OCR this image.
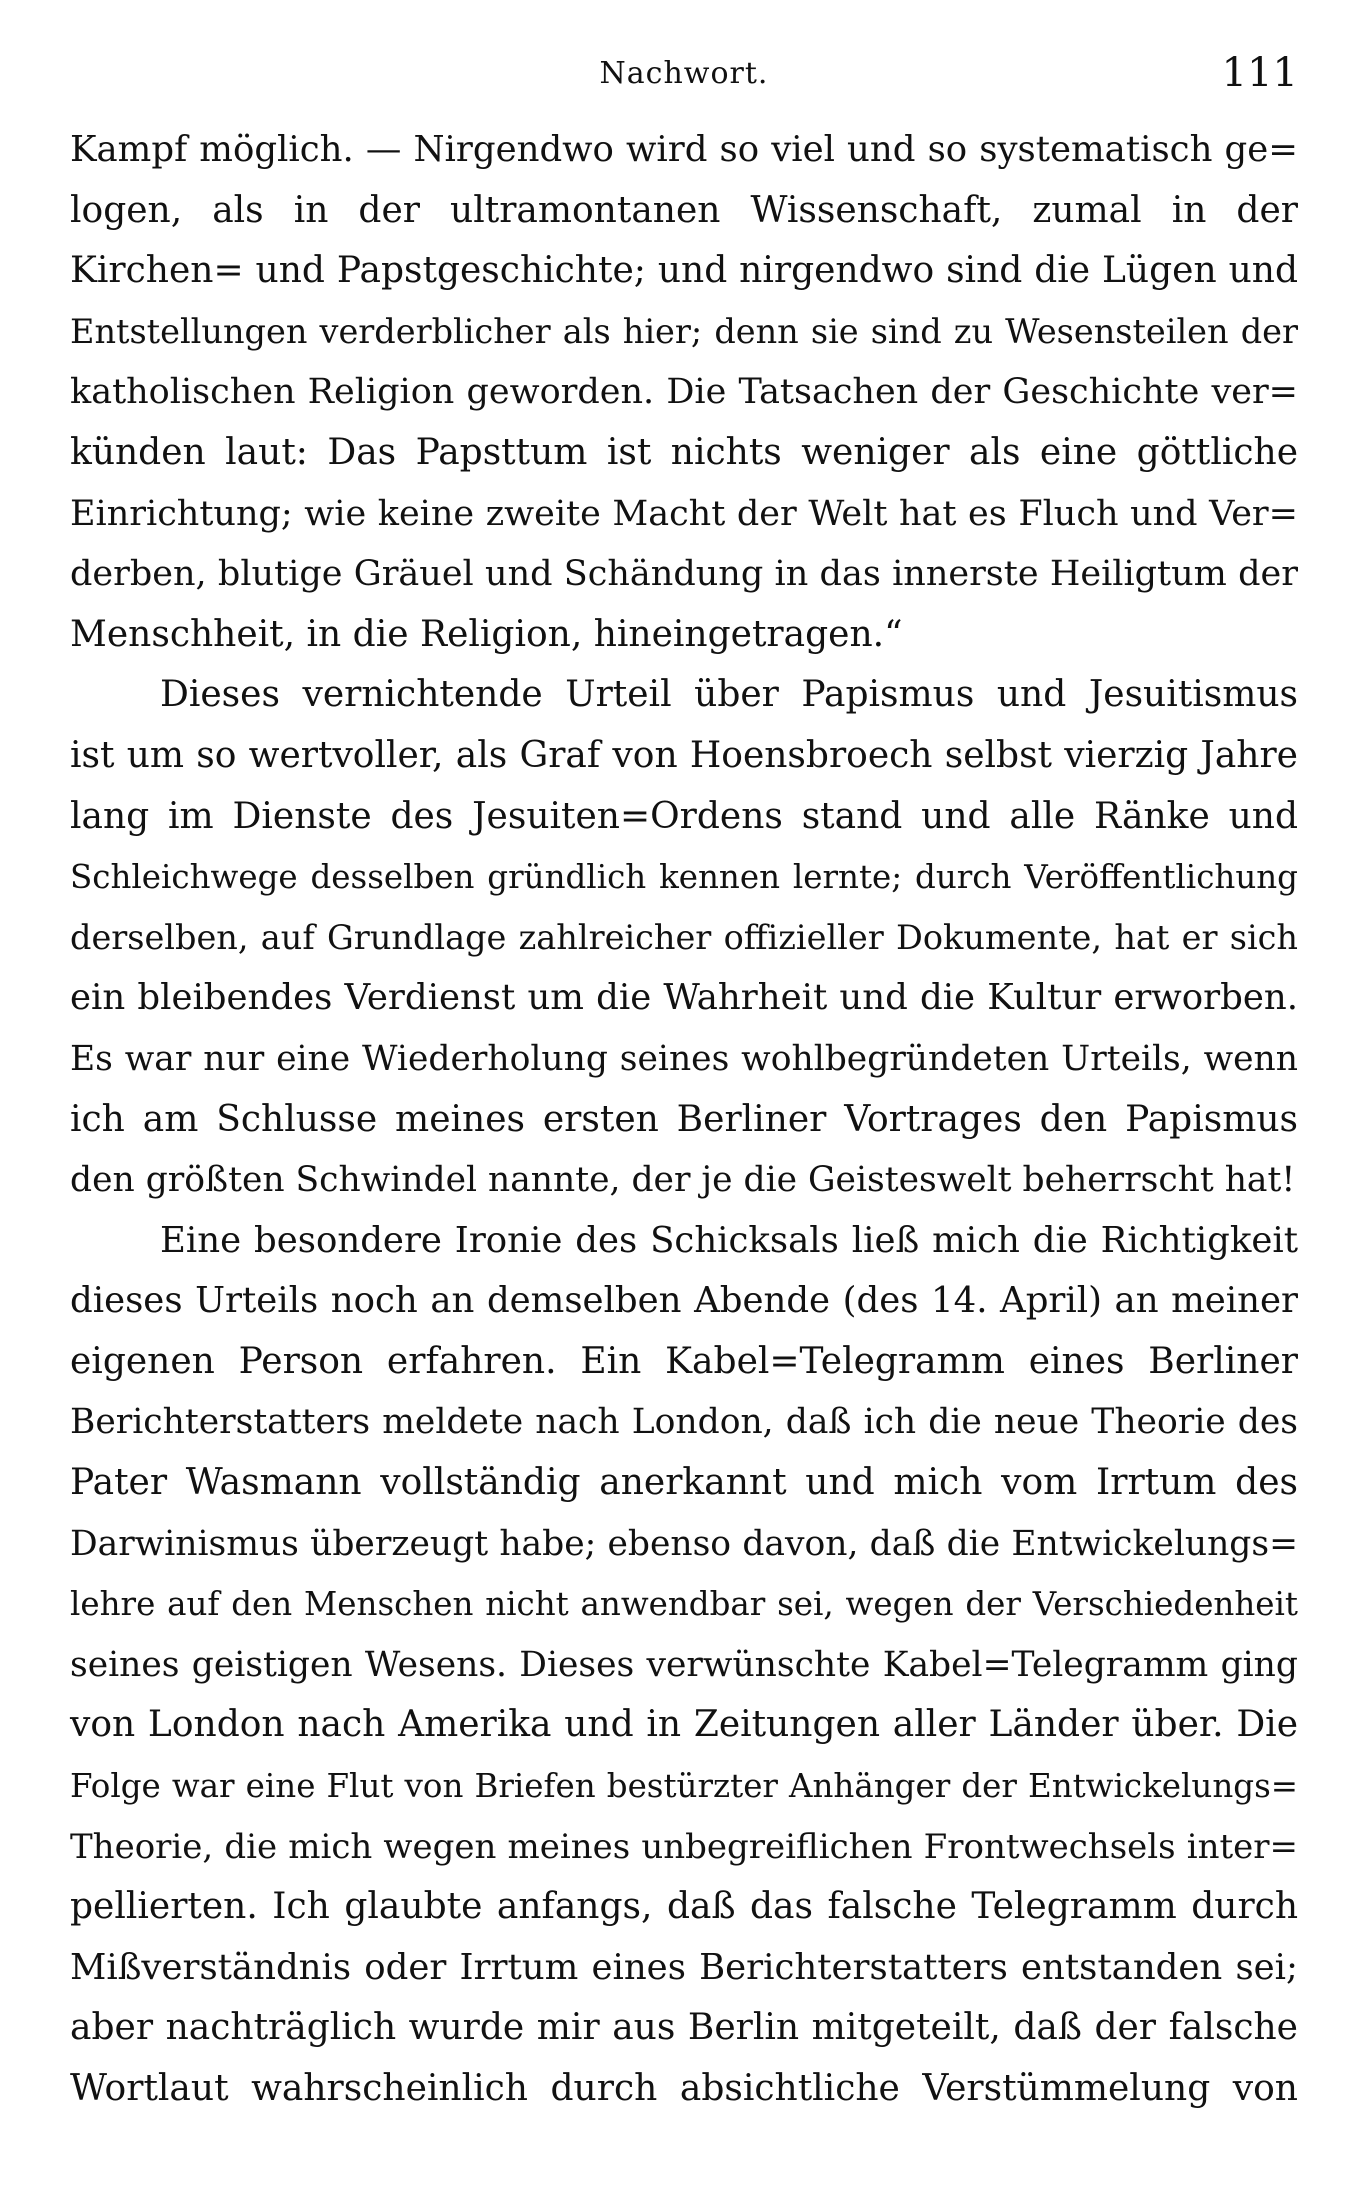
Nachwort.	111
Kampf möglich. — Nirgendwo wird so viel und so systematisch ge=
logen, als in der ultramontanen Wissenschaft, zumal in der
Kirchen= und Papstgeschichte; und nirgendwo sind die Lügen und
Entstellungen verderblicher als hier; denn sie sind zu Wesensteilen der
katholischen Religion geworden. Die Tatsachen der Geschichte ver=
künden laut: Das Papsttum ist nichts weniger als eine göttliche
Einrichtung; wie keine zweite Macht der Welt hat es Fluch und Ver=
derben, blutige Gräuel und Schändung in das innerste Heiligtum der
Menschheit, in die Religion, hineingetragen.“
Dieses vernichtende Urteil über Papismus und Jesuitismus
ist um so wertvoller, als Graf von Hoensbroech selbst vierzig Jahre
lang im Dienste des Jesuiten=Ordens stand und alle Ränke und
Schleichwege desselben gründlich kennen lernte; durch Veröffentlichung
derselben, auf Grundlage zahlreicher offizieller Dokumente, hat er sich
ein bleibendes Verdienst um die Wahrheit und die Kultur erworben.
Es war nur eine Wiederholung seines wohlbegründeten Urteils, wenn
ich am Schlusse meines ersten Berliner Vortrages den Papismus
den größten Schwindel nannte, der je die Geisteswelt beherrscht hat!
Eine besondere Ironie des Schicksals ließ mich die Richtigkeit
dieses Urteils noch an demselben Abende (des 14. April) an meiner
eigenen Person erfahren. Ein Kabel=Telegramm eines Berliner
Berichterstatters meldete nach London, daß ich die neue Theorie des
Pater Wasmann vollständig anerkannt und mich vom Irrtum des
Darwinismus überzeugt habe; ebenso davon, daß die Entwickelungs=
lehre auf den Menschen nicht anwendbar sei, wegen der Verschiedenheit
seines geistigen Wesens. Dieses verwünschte Kabel=Telegramm ging
von London nach Amerika und in Zeitungen aller Länder über. Die
Folge war eine Flut von Briefen bestürzter Anhänger der Entwickelungs=
Theorie, die mich wegen meines unbegreiflichen Frontwechsels inter=
pellierten. Ich glaubte anfangs, daß das falsche Telegramm durch
Mißverständnis oder Irrtum eines Berichterstatters entstanden sei;
aber nachträglich wurde mir aus Berlin mitgeteilt, daß der falsche
Wortlaut wahrscheinlich durch absichtliche Verstümmelung von
